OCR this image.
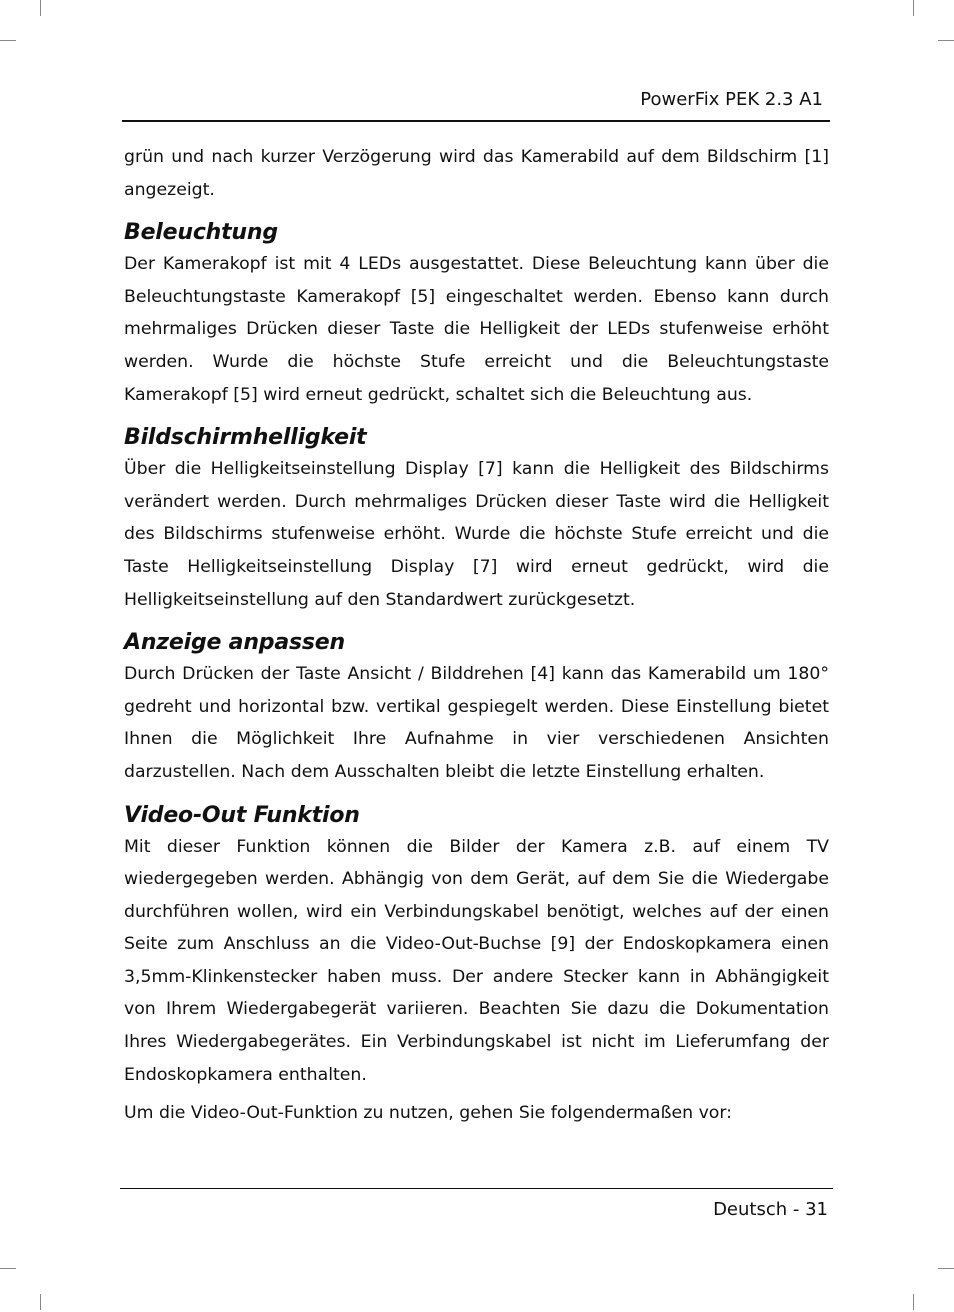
PowerFix PEK 2.3 A1

grün und nach kurzer Verzögerung wird das Kamerabild auf dem Bildschirm [1] angezeigt.

Beleuchtung

Der Kamerakopf ist mit 4 LEDs ausgestattet. Diese Beleuchtung kann über die Beleuchtungstaste Kamerakopf [5] eingeschaltet werden. Ebenso kann durch mehrmaliges Drücken dieser Taste die Helligkeit der LEDs stufenweise erhöht werden. Wurde die höchste Stufe erreicht und die Beleuchtungstaste Kamerakopf [5] wird erneut gedrückt, schaltet sich die Beleuchtung aus.

Bildschirmhelligkeit

Über die Helligkeitseinstellung Display [7] kann die Helligkeit des Bildschirms verändert werden. Durch mehrmaliges Drücken dieser Taste wird die Helligkeit des Bildschirms stufenweise erhöht. Wurde die höchste Stufe erreicht und die Taste Helligkeitseinstellung Display [7] wird erneut gedrückt, wird die Helligkeitseinstellung auf den Standardwert zurückgesetzt.

Anzeige anpassen

Durch Drücken der Taste Ansicht / Bilddrehen [4] kann das Kamerabild um 180° gedreht und horizontal bzw. vertikal gespiegelt werden. Diese Einstellung bietet Ihnen die Möglichkeit Ihre Aufnahme in vier verschiedenen Ansichten darzustellen. Nach dem Ausschalten bleibt die letzte Einstellung erhalten.

Video-Out Funktion

Mit dieser Funktion können die Bilder der Kamera z.B. auf einem TV wiedergegeben werden. Abhängig von dem Gerät, auf dem Sie die Wiedergabe durchführen wollen, wird ein Verbindungskabel benötigt, welches auf der einen Seite zum Anschluss an die Video-Out-Buchse [9] der Endoskopkamera einen 3,5mm-Klinkenstecker haben muss. Der andere Stecker kann in Abhängigkeit von Ihrem Wiedergabegerät variieren. Beachten Sie dazu die Dokumentation Ihres Wiedergabegerätes. Ein Verbindungskabel ist nicht im Lieferumfang der Endoskopkamera enthalten.

Um die Video-Out-Funktion zu nutzen, gehen Sie folgendermaßen vor:

Deutsch - 31
